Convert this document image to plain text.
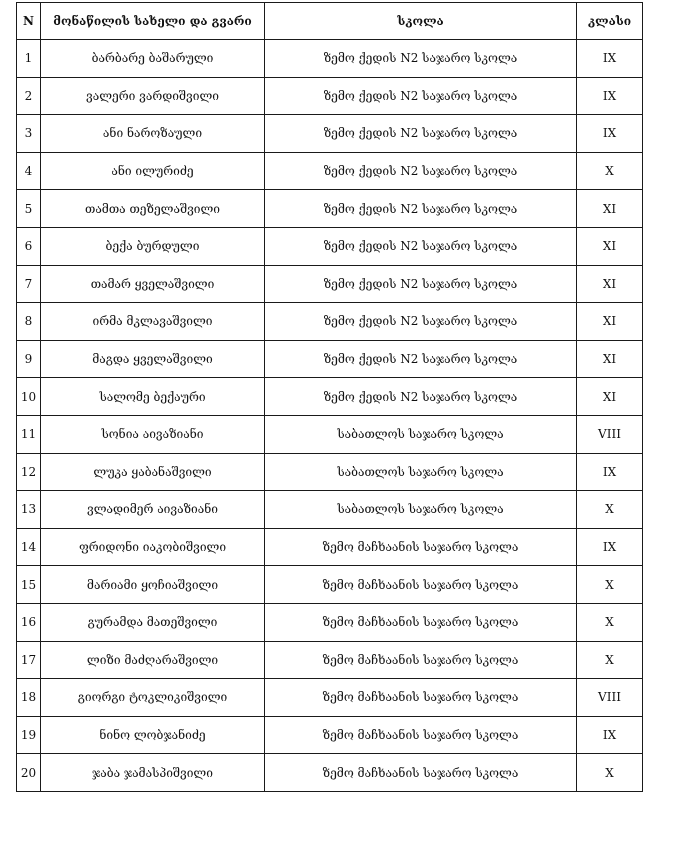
N	მონაწილის სახელი და გვარი	სკოლა	კლასი
1	ბარბარე ბაშარული	ზემო ქედის N2 საჯარო სკოლა	IX
2	ვალერი ვარდიშვილი	ზემო ქედის N2 საჯარო სკოლა	IX
3	ანი ნაროზაული	ზემო ქედის N2 საჯარო სკოლა	IX
4	ანი ილურიძე	ზემო ქედის N2 საჯარო სკოლა	X
5	თამთა თეზელაშვილი	ზემო ქედის N2 საჯარო სკოლა	XI
6	ბექა ბურდული	ზემო ქედის N2 საჯარო სკოლა	XI
7	თამარ ყველაშვილი	ზემო ქედის N2 საჯარო სკოლა	XI
8	ირმა მკლავაშვილი	ზემო ქედის N2 საჯარო სკოლა	XI
9	მაგდა ყველაშვილი	ზემო ქედის N2 საჯარო სკოლა	XI
10	სალომე ბექაური	ზემო ქედის N2 საჯარო სკოლა	XI
11	სონია აივაზიანი	საბათლოს საჯარო სკოლა	VIII
12	ლუკა ყაბანაშვილი	საბათლოს საჯარო სკოლა	IX
13	ვლადიმერ აივაზიანი	საბათლოს საჯარო სკოლა	X
14	ფრიდონი იაკობიშვილი	ზემო მაჩხაანის საჯარო სკოლა	IX
15	მარიამი ყოჩიაშვილი	ზემო მაჩხაანის საჯარო სკოლა	X
16	გურამდა მათეშვილი	ზემო მაჩხაანის საჯარო სკოლა	X
17	ლიზი მაძღარაშვილი	ზემო მაჩხაანის საჯარო სკოლა	X
18	გიორგი ტოკლიკიშვილი	ზემო მაჩხაანის საჯარო სკოლა	VIII
19	ნინო ლობჯანიძე	ზემო მაჩხაანის საჯარო სკოლა	IX
20	ჯაბა ჯამასპიშვილი	ზემო მაჩხაანის საჯარო სკოლა	X
